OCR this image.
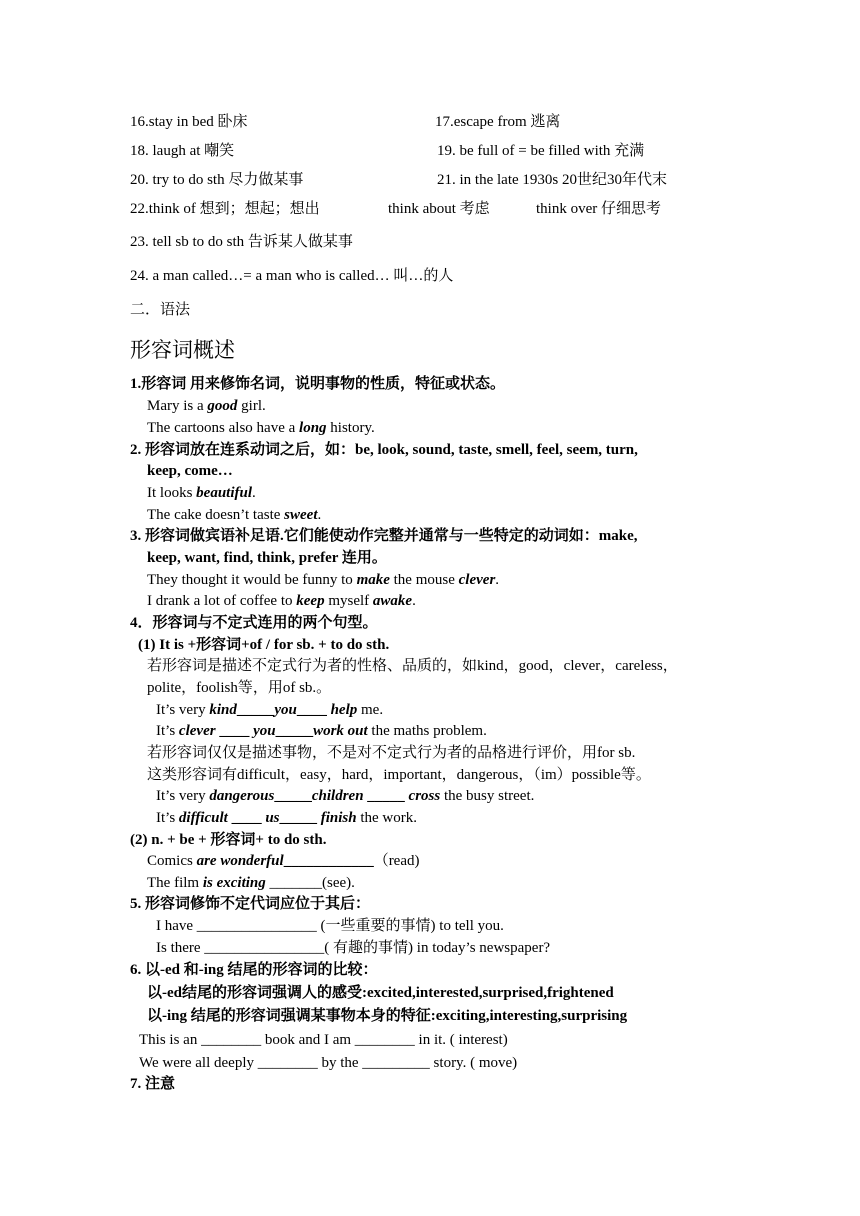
16.stay in bed 卧床	17.escape from 逃离
18. laugh at 嘲笑	19. be full of = be filled with 充满
20. try to do sth 尽力做某事	21. in the late 1930s 20世纪30年代末
22.think of 想到；想起；想出	think about 考虑	think over 仔细思考
23. tell sb to do sth 告诉某人做某事
24. a man called…= a man who is called… 叫…的人
二．语法
形容词概述
1.形容词 用来修饰名词，说明事物的性质，特征或状态。
Mary is a good girl.
The cartoons also have a long history.
2. 形容词放在连系动词之后，如：be, look, sound, taste, smell, feel, seem, turn,
keep, come…
It looks beautiful.
The cake doesn’t taste sweet.
3. 形容词做宾语补足语.它们能使动作完整并通常与一些特定的动词如：make,
keep, want, find, think, prefer 连用。
They thought it would be funny to make the mouse clever.
I drank a lot of coffee to keep myself awake.
4．形容词与不定式连用的两个句型。
(1) It is +形容词+of / for sb. + to do sth.
若形容词是描述不定式行为者的性格、品质的，如kind，good，clever，careless，
polite，foolish等，用of sb.。
It’s very kind_____you____ help me.
It’s clever ____ you_____work out the maths problem.
若形容词仅仅是描述事物，不是对不定式行为者的品格进行评价，用for sb.
这类形容词有difficult，easy，hard，important，dangerous，（im）possible等。
It’s very dangerous_____children _____ cross the busy street.
It’s difficult ____ us_____ finish the work.
(2) n. + be + 形容词+ to do sth.
Comics are wonderful____________（read)
The film is exciting _______(see).
5. 形容词修饰不定代词应位于其后：
I have ________________ (一些重要的事情) to tell you.
Is there ________________( 有趣的事情) in today’s newspaper?
6. 以-ed 和-ing 结尾的形容词的比较：
以-ed结尾的形容词强调人的感受:excited,interested,surprised,frightened
以-ing 结尾的形容词强调某事物本身的特征:exciting,interesting,surprising
This is an ________ book and I am ________ in it. ( interest)
We were all deeply ________ by the _________ story. ( move)
7. 注意
